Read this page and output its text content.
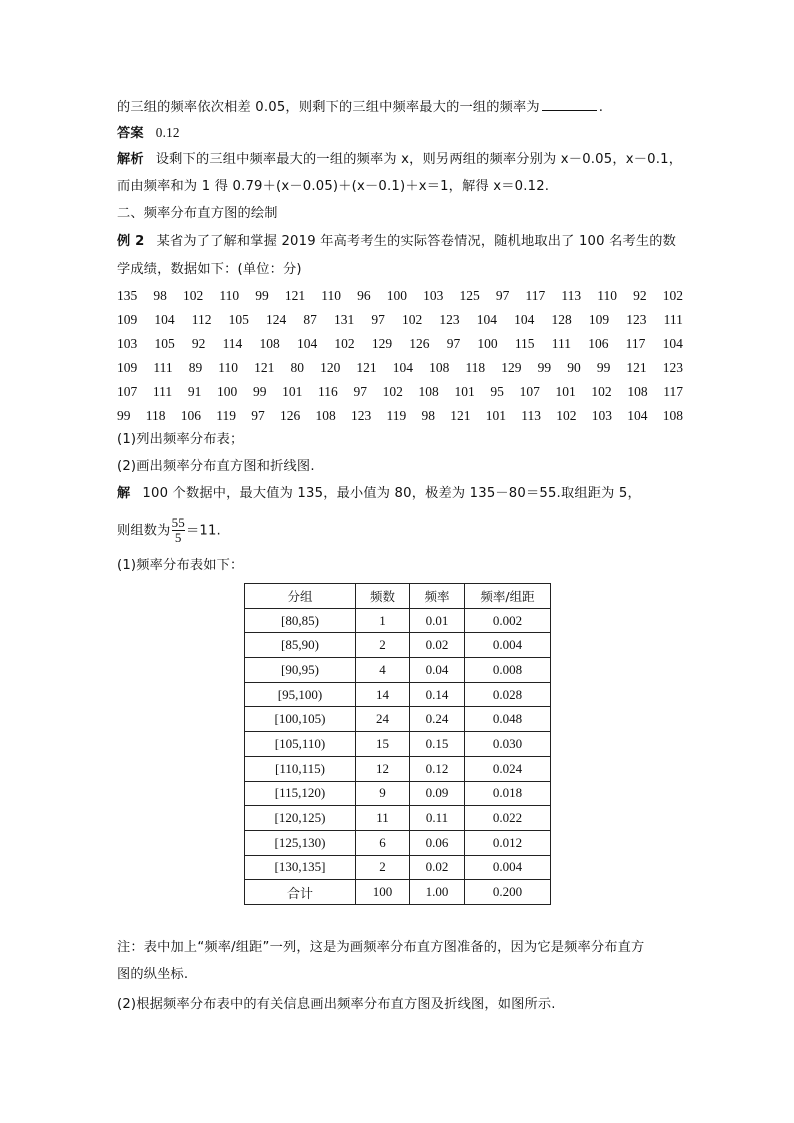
的三组的频率依次相差 0.05，则剩下的三组中频率最大的一组的频率为	.
答案 0.12
解析 设剩下的三组中频率最大的一组的频率为 x，则另两组的频率分别为 x－0.05，x－0.1，
而由频率和为 1 得 0.79＋(x－0.05)＋(x－0.1)＋x＝1，解得 x＝0.12.
二、频率分布直方图的绘制
例 2 某省为了了解和掌握 2019 年高考考生的实际答卷情况，随机地取出了 100 名考生的数
学成绩，数据如下：(单位：分)
135 98 102 110 99 121 110 96 100 103 125 97 117 113 110 92 102
109 104 112 105 124 87 131 97 102 123 104 104 128 109 123 111
103 105 92 114 108 104 102 129 126 97 100 115 111 106 117 104
109 111 89 110 121 80 120 121 104 108 118 129 99 90 99 121 123
107 111 91 100 99 101 116 97 102 108 101 95 107 101 102 108 117
99 118 106 119 97 126 108 123 119 98 121 101 113 102 103 104 108
(1)列出频率分布表；
(2)画出频率分布直方图和折线图.
解 100 个数据中，最大值为 135，最小值为 80，极差为 135－80＝55.取组距为 5，
则组数为 $\frac{55}{5} =11$.
(1)频率分布表如下：
分组	频数	频率	频率/组距
[80,85)	1	0.01	0.002
[85,90)	2	0.02	0.004
[90,95)	4	0.04	0.008
[95,100)	14	0.14	0.028
[100,105)	24	0.24	0.048
[105,110)	15	0.15	0.030
[110,115)	12	0.12	0.024
[115,120)	9	0.09	0.018
[120,125)	11	0.11	0.022
[125,130)	6	0.06	0.012
[130,135]	2	0.02	0.004
合计	100	1.00	0.200
注：表中加上“频率/组距”一列，这是为画频率分布直方图准备的，因为它是频率分布直方
图的纵坐标.
(2)根据频率分布表中的有关信息画出频率分布直方图及折线图，如图所示.
